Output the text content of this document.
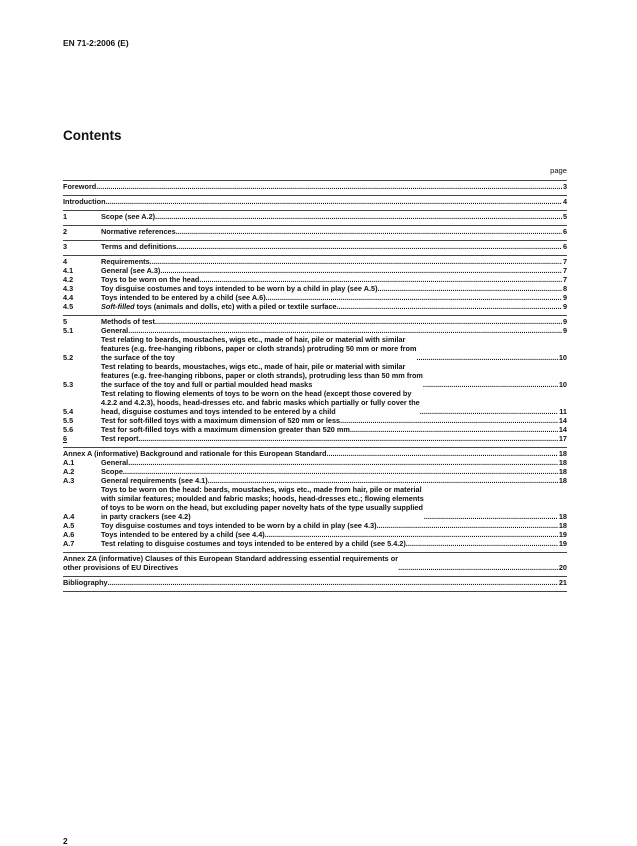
EN 71-2:2006 (E)
Contents
page
Foreword .....	3
Introduction .....	4
1	Scope (see A.2) .....	5
2	Normative references .....	6
3	Terms and definitions .....	6
4	Requirements .....	7
4.1	General (see A.3) .....	7
4.2	Toys to be worn on the head .....	7
4.3	Toy disguise costumes and toys intended to be worn by a child in play (see A.5) .....	8
4.4	Toys intended to be entered by a child (see A.6) .....	9
4.5	Soft-filled toys (animals and dolls, etc) with a piled or textile surface .....	9
5	Methods of test .....	9
5.1	General .....	9
5.2
Test relating to beards, moustaches, wigs etc., made of hair, pile or material with similar
features (e.g. free-hanging ribbons, paper or cloth strands) protruding 50 mm or more from
the surface of the toy .....	10
5.3
Test relating to beards, moustaches, wigs etc., made of hair, pile or material with similar
features (e.g. free-hanging ribbons, paper or cloth strands), protruding less than 50 mm from
the surface of the toy and full or partial moulded head masks .....	10
5.4
Test relating to flowing elements of toys to be worn on the head (except those covered by
4.2.2 and 4.2.3), hoods, head-dresses etc. and fabric masks which partially or fully cover the
head, disguise costumes and toys intended to be entered by a child .....	11
5.5	Test for soft-filled toys with a maximum dimension of 520 mm or less .....	14
5.6	Test for soft-filled toys with a maximum dimension greater than 520 mm .....	14
6	Test report .....	17
Annex A (informative) Background and rationale for this European Standard .....	18
A.1	General .....	18
A.2	Scope .....	18
A.3	General requirements (see 4.1) .....	18
A.4
Toys to be worn on the head: beards, moustaches, wigs etc., made from hair, pile or material
with similar features; moulded and fabric masks; hoods, head-dresses etc.; flowing elements
of toys to be worn on the head, but excluding paper novelty hats of the type usually supplied
in party crackers (see 4.2) .....	18
A.5	Toy disguise costumes and toys intended to be worn by a child in play (see 4.3) .....	18
A.6	Toys intended to be entered by a child (see 4.4) .....	19
A.7	Test relating to disguise costumes and toys intended to be entered by a child (see 5.4.2) .....	19
Annex ZA (informative) Clauses of this European Standard addressing essential requirements or
other provisions of EU Directives .....	20
Bibliography .....	21
2
